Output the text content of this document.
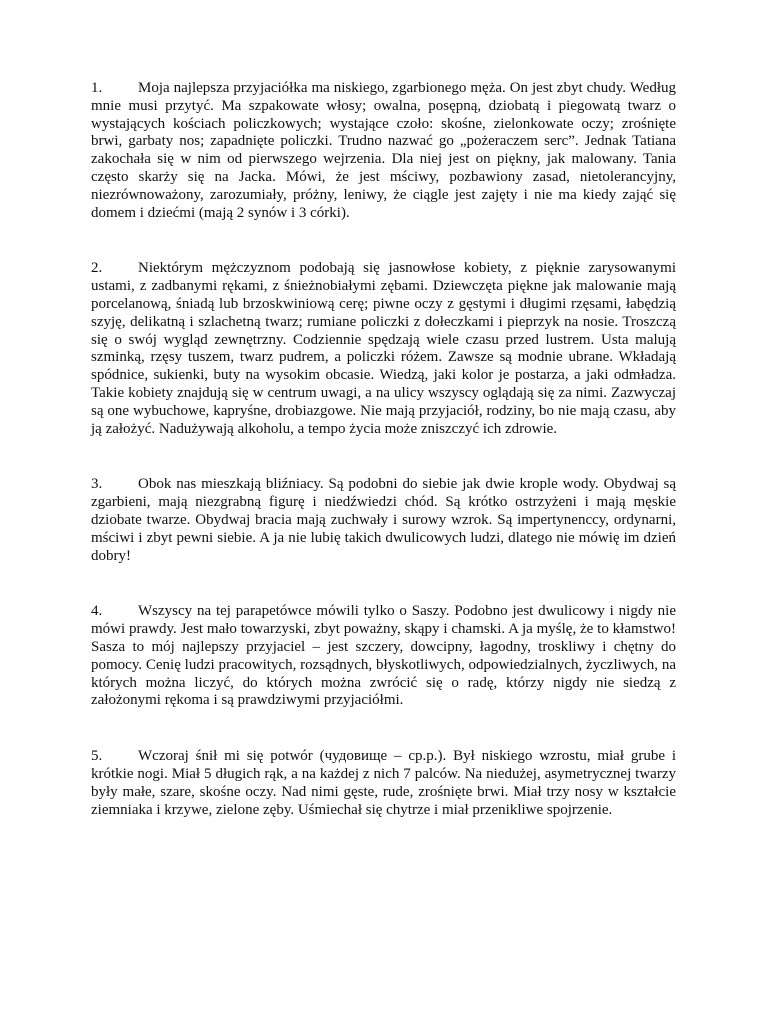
1. Moja najlepsza przyjaciółka ma niskiego, zgarbionego męża. On jest zbyt chudy. Według mnie musi przytyć. Ma szpakowate włosy; owalna, posępną, dziobatą i piegowatą twarz o wystających kościach policzkowych; wystające czoło: skośne, zielonkowate oczy; zrośnięte brwi, garbaty nos; zapadnięte policzki. Trudno nazwać go „pożeraczem serc”. Jednak Tatiana zakochała się w nim od pierwszego wejrzenia. Dla niej jest on piękny, jak malowany. Tania często skarży się na Jacka. Mówi, że jest mściwy, pozbawiony zasad, nietolerancyjny, niezrównoważony, zarozumiały, próżny, leniwy, że ciągle jest zajęty i nie ma kiedy zająć się domem i dziećmi (mają 2 synów i 3 córki).

2. Niektórym mężczyznom podobają się jasnowłose kobiety, z pięknie zarysowanymi ustami, z zadbanymi rękami, z śnieżnobiałymi zębami. Dziewczęta piękne jak malowanie mają porcelanową, śniadą lub brzoskwiniową cerę; piwne oczy z gęstymi i długimi rzęsami, łabędzią szyję, delikatną i szlachetną twarz; rumiane policzki z dołeczkami i pieprzyk na nosie. Troszczą się o swój wygląd zewnętrzny. Codziennie spędzają wiele czasu przed lustrem. Usta malują szminką, rzęsy tuszem, twarz pudrem, a policzki różem. Zawsze są modnie ubrane. Wkładają spódnice, sukienki, buty na wysokim obcasie. Wiedzą, jaki kolor je postarza, a jaki odmładza. Takie kobiety znajdują się w centrum uwagi, a na ulicy wszyscy oglądają się za nimi. Zazwyczaj są one wybuchowe, kapryśne, drobiazgowe. Nie mają przyjaciół, rodziny, bo nie mają czasu, aby ją założyć. Nadużywają alkoholu, a tempo życia może zniszczyć ich zdrowie.

3. Obok nas mieszkają bliźniacy. Są podobni do siebie jak dwie krople wody. Obydwaj są zgarbieni, mają niezgrabną figurę i niedźwiedzi chód. Są krótko ostrzyżeni i mają męskie dziobate twarze. Obydwaj bracia mają zuchwały i surowy wzrok. Są impertynenccy, ordynarni, mściwi i zbyt pewni siebie. A ja nie lubię takich dwulicowych ludzi, dlatego nie mówię im dzień dobry!

4. Wszyscy na tej parapetówce mówili tylko o Saszy. Podobno jest dwulicowy i nigdy nie mówi prawdy. Jest mało towarzyski, zbyt poważny, skąpy i chamski. A ja myślę, że to kłamstwo! Sasza to mój najlepszy przyjaciel – jest szczery, dowcipny, łagodny, troskliwy i chętny do pomocy. Cenię ludzi pracowitych, rozsądnych, błyskotliwych, odpowiedzialnych, życzliwych, na których można liczyć, do których można zwrócić się o radę, którzy nigdy nie siedzą z założonymi rękoma i są prawdziwymi przyjaciółmi.

5. Wczoraj śnił mi się potwór (чудовище – ср.р.). Był niskiego wzrostu, miał grube i krótkie nogi. Miał 5 długich rąk, a na każdej z nich 7 palców. Na niedużej, asymetrycznej twarzy były małe, szare, skośne oczy. Nad nimi gęste, rude, zrośnięte brwi. Miał trzy nosy w kształcie ziemniaka i krzywe, zielone zęby. Uśmiechał się chytrze i miał przenikliwe spojrzenie.
